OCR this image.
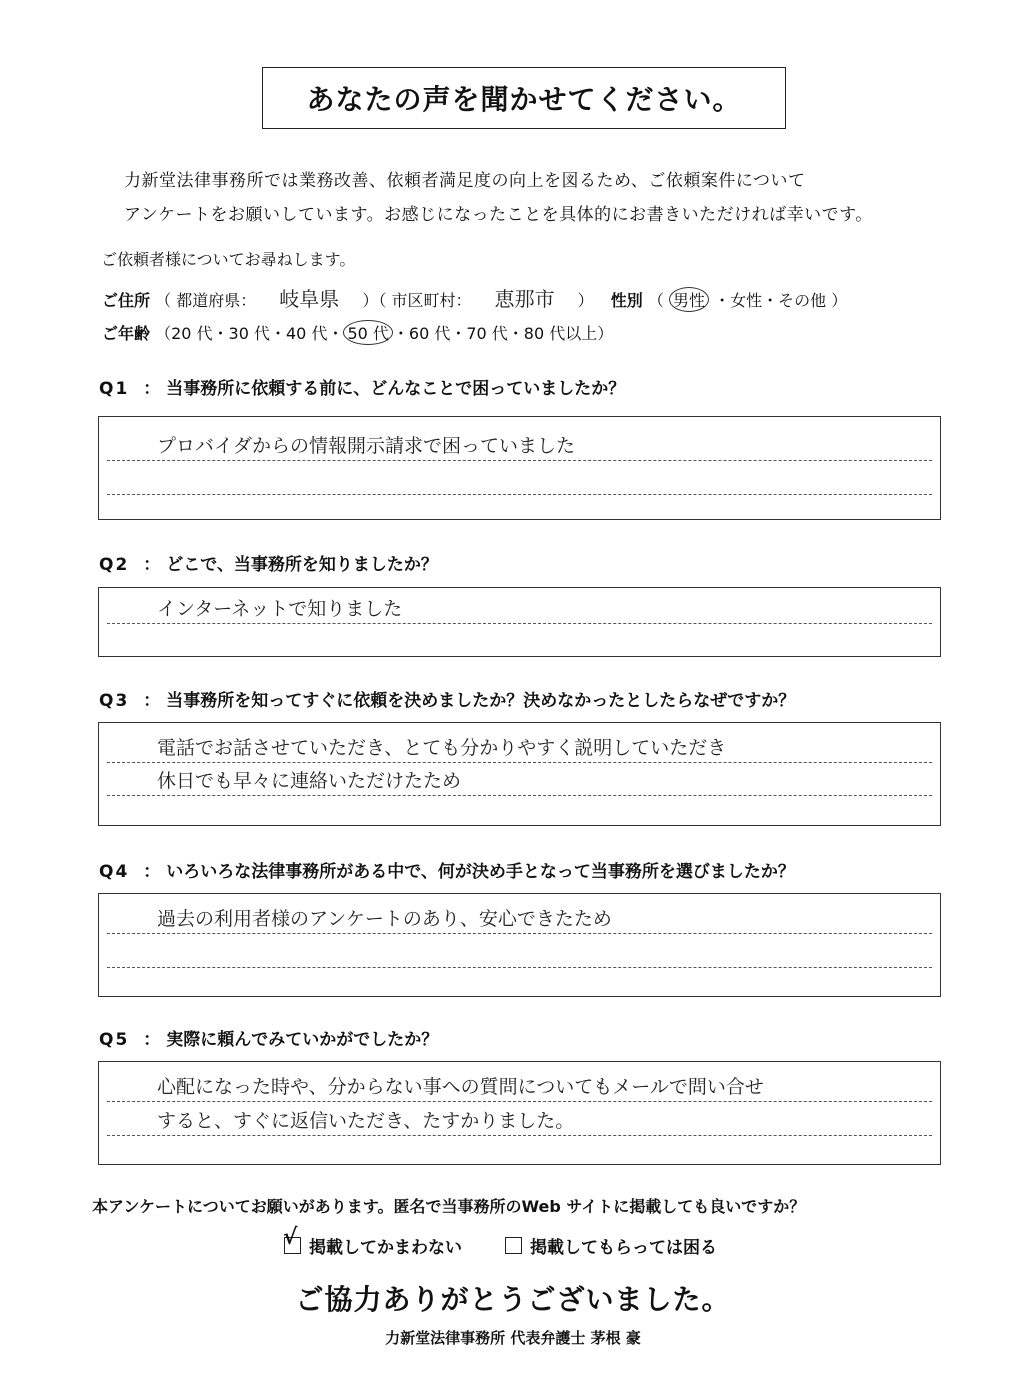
あなたの声を聞かせてください。
力新堂法律事務所では業務改善、依頼者満足度の向上を図るため、ご依頼案件について
アンケートをお願いしています。お感じになったことを具体的にお書きいただければ幸いです。
ご依頼者様についてお尋ねします。
ご住所 （ 都道府県： 岐阜県 ）（ 市区町村： 恵那市 ） 性別 （ 男性 ・女性・その他 ）
ご年齢 （20 代・30 代・40 代・ 50 代 ・60 代・70 代・80 代以上）
Q1 ： 当事務所に依頼する前に、どんなことで困っていましたか？
プロバイダからの情報開示請求で困っていました
Q2 ： どこで、当事務所を知りましたか？
インターネットで知りました
Q3 ： 当事務所を知ってすぐに依頼を決めましたか？決めなかったとしたらなぜですか？
電話でお話させていただき、とても分かりやすく説明していただき
休日でも早々に連絡いただけたため
Q4 ： いろいろな法律事務所がある中で、何が決め手となって当事務所を選びましたか？
過去の利用者様のアンケートのあり、安心できたため
Q5 ： 実際に頼んでみていかがでしたか？
心配になった時や、分からない事への質問についてもメールで問い合せ
すると、すぐに返信いただき、たすかりました。
本アンケートについてお願いがあります。匿名で当事務所のWeb サイトに掲載しても良いですか？
√ 掲載してかまわない	掲載してもらっては困る
ご協力ありがとうございました。
力新堂法律事務所 代表弁護士 茅根 豪
